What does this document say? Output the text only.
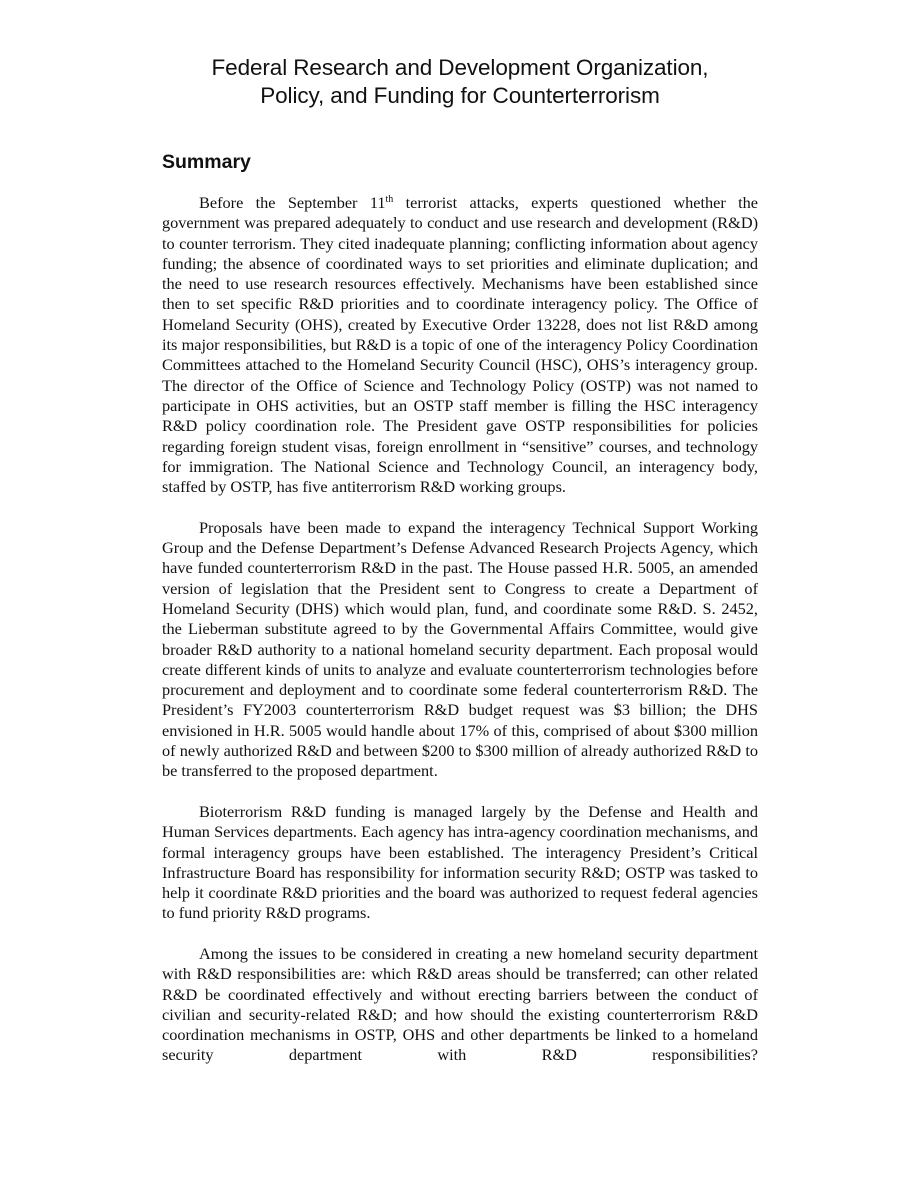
Federal Research and Development Organization,
Policy, and Funding for Counterterrorism
Summary

Before the September 11th terrorist attacks, experts questioned whether the government was prepared adequately to conduct and use research and development (R&D) to counter terrorism. They cited inadequate planning; conflicting information about agency funding; the absence of coordinated ways to set priorities and eliminate duplication; and the need to use research resources effectively. Mechanisms have been established since then to set specific R&D priorities and to coordinate interagency policy. The Office of Homeland Security (OHS), created by Executive Order 13228, does not list R&D among its major responsibilities, but R&D is a topic of one of the interagency Policy Coordination Committees attached to the Homeland Security Council (HSC), OHS’s interagency group. The director of the Office of Science and Technology Policy (OSTP) was not named to participate in OHS activities, but an OSTP staff member is filling the HSC interagency R&D policy coordination role. The President gave OSTP responsibilities for policies regarding foreign student visas, foreign enrollment in “sensitive” courses, and technology for immigration. The National Science and Technology Council, an interagency body, staffed by OSTP, has five antiterrorism R&D working groups.

Proposals have been made to expand the interagency Technical Support Working Group and the Defense Department’s Defense Advanced Research Projects Agency, which have funded counterterrorism R&D in the past. The House passed H.R. 5005, an amended version of legislation that the President sent to Congress to create a Department of Homeland Security (DHS) which would plan, fund, and coordinate some R&D. S. 2452, the Lieberman substitute agreed to by the Governmental Affairs Committee, would give broader R&D authority to a national homeland security department. Each proposal would create different kinds of units to analyze and evaluate counterterrorism technologies before procurement and deployment and to coordinate some federal counterterrorism R&D. The President’s FY2003 counterterrorism R&D budget request was $3 billion; the DHS envisioned in H.R. 5005 would handle about 17% of this, comprised of about $300 million of newly authorized R&D and between $200 to $300 million of already authorized R&D to be transferred to the proposed department.

Bioterrorism R&D funding is managed largely by the Defense and Health and Human Services departments. Each agency has intra-agency coordination mechanisms, and formal interagency groups have been established. The interagency President’s Critical Infrastructure Board has responsibility for information security R&D; OSTP was tasked to help it coordinate R&D priorities and the board was authorized to request federal agencies to fund priority R&D programs.

Among the issues to be considered in creating a new homeland security department with R&D responsibilities are: which R&D areas should be transferred; can other related R&D be coordinated effectively and without erecting barriers between the conduct of civilian and security-related R&D; and how should the existing counterterrorism R&D coordination mechanisms in OSTP, OHS and other departments be linked to a homeland security department with R&D responsibilities?
